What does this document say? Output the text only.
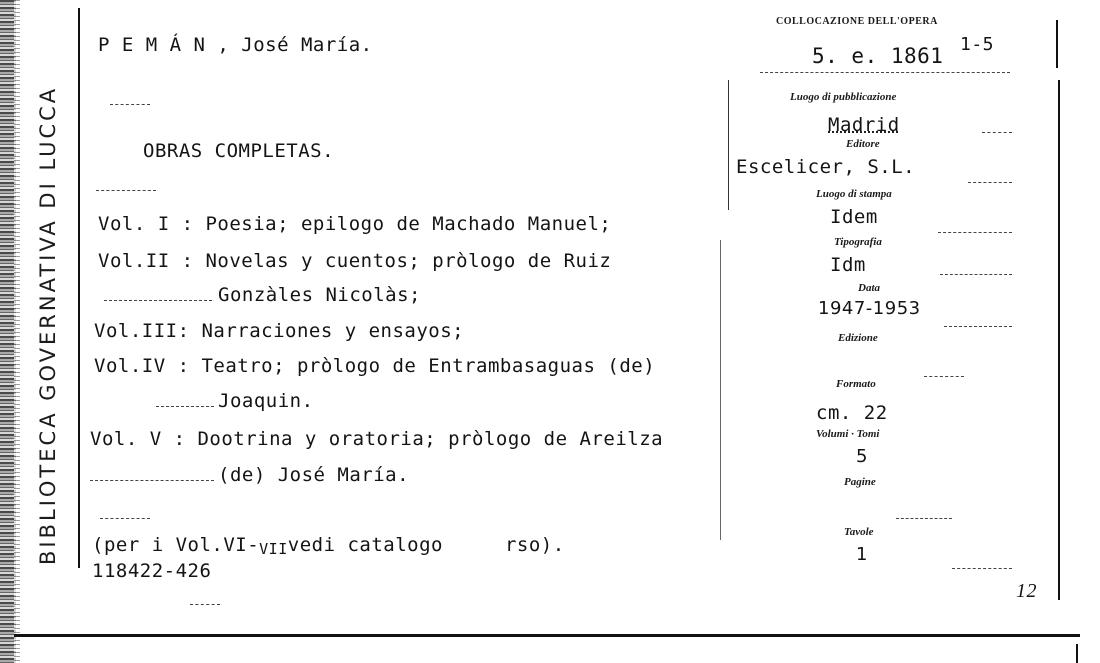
BIBLIOTECA GOVERNATIVA DI LUCCA
P E M Á N , José María.
COLLOCAZIONE DELL'OPERA
5. e. 1861 1-5
OBRAS COMPLETAS.
Vol. I : Poesia; epilogo de Machado Manuel;
Vol.II : Novelas y cuentos; pròlogo de Ruiz
Gonzàles Nicolàs;
Vol.III: Narraciones y ensayos;
Vol.IV : Teatro; pròlogo de Entrambasaguas (de)
Joaquin.
Vol. V : Dootrina y oratoria; pròlogo de Areilza
(de) José María.
(per i Vol.VI-VIIvedi catalogo	rso).
118422-426
Luogo di pubblicazione
Madrid
Editore
Escelicer, S.L.
Luogo di stampa
Idem
Tipografia
Idm
Data
1947-1953
Edizione
Formato
cm. 22
Volumi · Tomi
5
Pagine
Tavole
1
12
